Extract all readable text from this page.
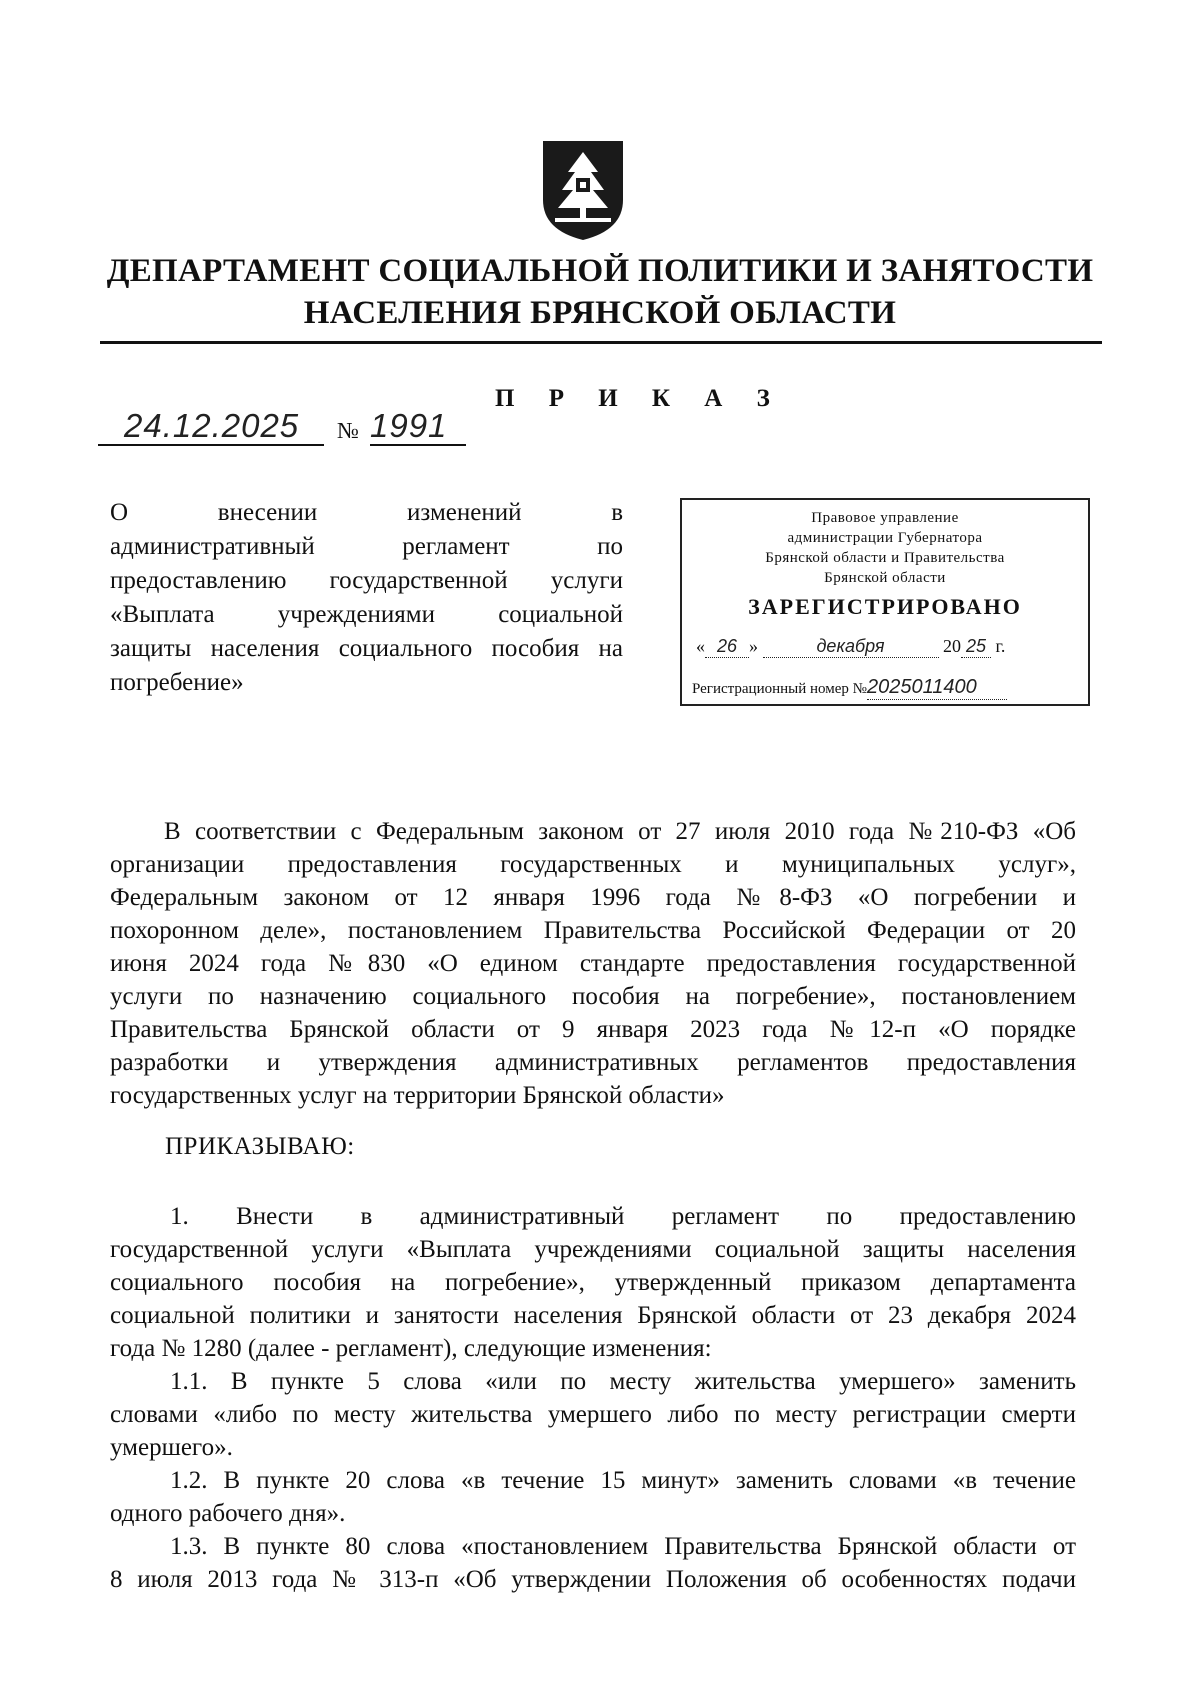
ДЕПАРТАМЕНТ СОЦИАЛЬНОЙ ПОЛИТИКИ И ЗАНЯТОСТИ
НАСЕЛЕНИЯ БРЯНСКОЙ ОБЛАСТИ
П Р И К А З
24.12.2025	№ 1991
О внесении изменений в
административный регламент по
предоставлению государственной услуги
«Выплата учреждениями социальной
защиты населения социального пособия на
погребение»
Правовое управление
администрации Губернатора
Брянской области и Правительства
Брянской области
ЗАРЕГИСТРИРОВАНО
« 26 »	декабря	20 25 г.
Регистрационный номер №2025011400
В соответствии с Федеральным законом от 27 июля 2010 года №210-ФЗ «Об
организации предоставления государственных и муниципальных услуг»,
Федеральным законом от 12 января 1996 года №8-ФЗ «О погребении и
похоронном деле», постановлением Правительства Российской Федерации от 20
июня 2024 года №830 «О едином стандарте предоставления государственной
услуги по назначению социального пособия на погребение», постановлением
Правительства Брянской области от 9 января 2023 года №12-п «О порядке
разработки и утверждения административных регламентов предоставления
государственных услуг на территории Брянской области»
ПРИКАЗЫВАЮ:
1. Внести в административный регламент по предоставлению
государственной услуги «Выплата учреждениями социальной защиты населения
социального пособия на погребение», утвержденный приказом департамента
социальной политики и занятости населения Брянской области от 23 декабря 2024
года № 1280 (далее - регламент), следующие изменения:
1.1. В пункте 5 слова «или по месту жительства умершего» заменить
словами «либо по месту жительства умершего либо по месту регистрации смерти
умершего».
1.2. В пункте 20 слова «в течение 15 минут» заменить словами «в течение
одного рабочего дня».
1.3. В пункте 80 слова «постановлением Правительства Брянской области от
8 июля 2013 года № 313-п «Об утверждении Положения об особенностях подачи
